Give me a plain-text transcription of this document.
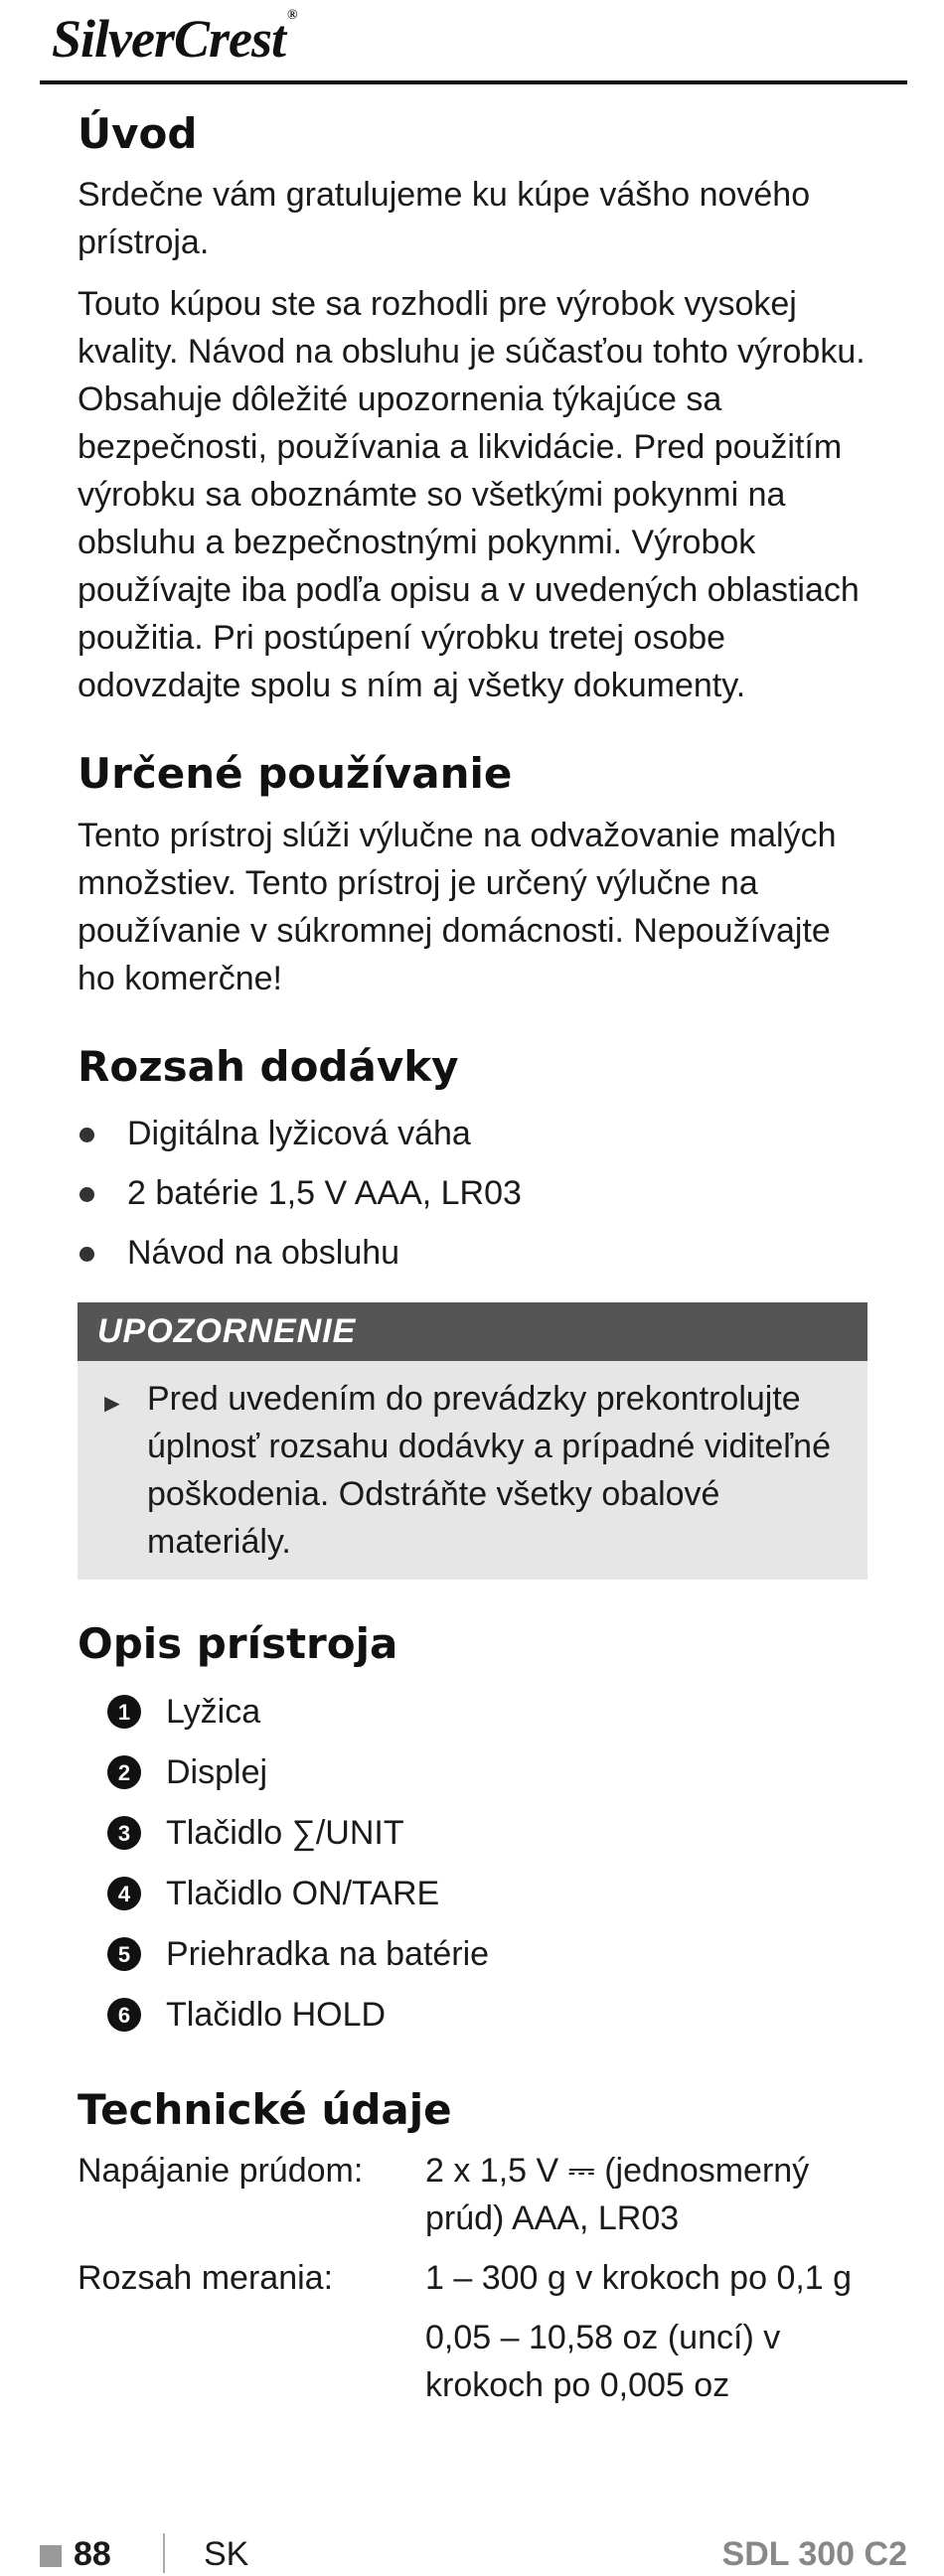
SilverCrest ®
Úvod

Srdečne vám gratulujeme ku kúpe vášho nového prístroja.

Touto kúpou ste sa rozhodli pre výrobok vysokej kvality. Návod na obsluhu je súčasťou tohto výrobku. Obsahuje dôležité upozornenia týkajúce sa bezpečnosti, používania a likvidácie. Pred použitím výrobku sa oboznámte so všetkými pokynmi na obsluhu a bezpečnostnými pokynmi. Výrobok používajte iba podľa opisu a v uvedených oblastiach použitia. Pri postúpení výrobku tretej osobe odovzdajte spolu s ním aj všetky dokumenty.

Určené používanie

Tento prístroj slúži výlučne na odvažovanie malých množstiev. Tento prístroj je určený výlučne na používanie v súkromnej domácnosti. Nepoužívajte ho komerčne!

Rozsah dodávky
Digitálna lyžicová váha
2 batérie 1,5 V AAA, LR03
Návod na obsluhu
UPOZORNENIE
► Pred uvedením do prevádzky prekontrolujte úplnosť rozsahu dodávky a prípadné viditeľné poškodenia. Odstráňte všetky obalové materiály.
Opis prístroja
1	Lyžica
2	Displej
3	Tlačidlo ∑/UNIT
4	Tlačidlo ON/TARE
5	Priehradka na batérie
6	Tlačidlo HOLD
Technické údaje
Napájanie prúdom:	2 x 1,5 V ⎓ (jednosmerný prúd) AAA, LR03
Rozsah merania:	1 – 300 g v krokoch po 0,1 g
	0,05 – 10,58 oz (uncí) v krokoch po 0,005 oz
88	SK	SDL 300 C2
